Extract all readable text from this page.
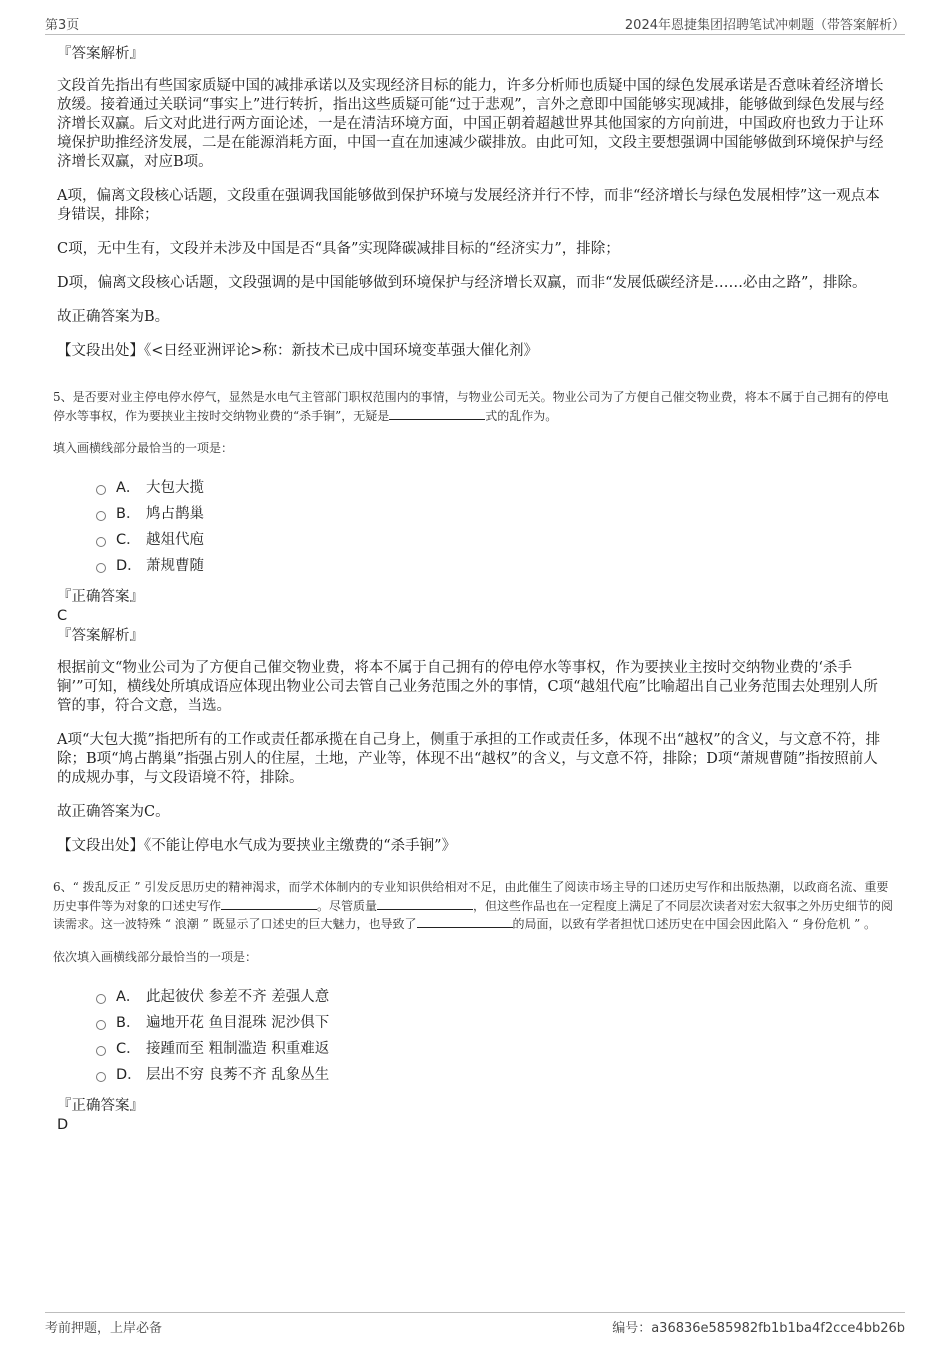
第3页	2024年恩捷集团招聘笔试冲刺题（带答案解析）

『答案解析』

文段首先指出有些国家质疑中国的减排承诺以及实现经济目标的能力，许多分析师也质疑中国的绿色发展承诺是否意味着经济增长放缓。接着通过关联词“事实上”进行转折，指出这些质疑可能“过于悲观”，言外之意即中国能够实现减排，能够做到绿色发展与经济增长双赢。后文对此进行两方面论述，一是在清洁环境方面，中国正朝着超越世界其他国家的方向前进，中国政府也致力于让环境保护助推经济发展，二是在能源消耗方面，中国一直在加速减少碳排放。由此可知，文段主要想强调中国能够做到环境保护与经济增长双赢，对应B项。

A项，偏离文段核心话题，文段重在强调我国能够做到保护环境与发展经济并行不悖，而非“经济增长与绿色发展相悖”这一观点本身错误，排除；

C项，无中生有，文段并未涉及中国是否“具备”实现降碳减排目标的“经济实力”，排除；

D项，偏离文段核心话题，文段强调的是中国能够做到环境保护与经济增长双赢，而非“发展低碳经济是……必由之路”，排除。

故正确答案为B。

【文段出处】《<日经亚洲评论>称：新技术已成中国环境变革强大催化剂》

5、是否要对业主停电停水停气，显然是水电气主管部门职权范围内的事情，与物业公司无关。物业公司为了方便自己催交物业费，将本不属于自己拥有的停电停水等事权，作为要挟业主按时交纳物业费的“杀手锏”，无疑是	式的乱作为。
填入画横线部分最恰当的一项是：
A． 大包大揽
B． 鸠占鹊巢
C． 越俎代庖
D． 萧规曹随

『正确答案』

C

『答案解析』

根据前文“物业公司为了方便自己催交物业费，将本不属于自己拥有的停电停水等事权，作为要挟业主按时交纳物业费的‘杀手锏’”可知，横线处所填成语应体现出物业公司去管自己业务范围之外的事情，C项“越俎代庖”比喻超出自己业务范围去处理别人所管的事，符合文意，当选。

A项“大包大揽”指把所有的工作或责任都承揽在自己身上，侧重于承担的工作或责任多，体现不出“越权”的含义，与文意不符，排除；B项“鸠占鹊巢”指强占别人的住屋，土地，产业等，体现不出“越权”的含义，与文意不符，排除；D项“萧规曹随”指按照前人的成规办事，与文段语境不符，排除。

故正确答案为C。

【文段出处】《不能让停电水气成为要挟业主缴费的“杀手锏”》

6、“ 拨乱反正 ” 引发反思历史的精神渴求，而学术体制内的专业知识供给相对不足，由此催生了阅读市场主导的口述历史写作和出版热潮，以政商名流、重要历史事件等为对象的口述史写作	。尽管质量	，但这些作品也在一定程度上满足了不同层次读者对宏大叙事之外历史细节的阅读需求。这一波特殊 “ 浪潮 ” 既显示了口述史的巨大魅力，也导致了	的局面，以致有学者担忧口述历史在中国会因此陷入 “ 身份危机 ” 。
依次填入画横线部分最恰当的一项是：
A． 此起彼伏 参差不齐 差强人意
B． 遍地开花 鱼目混珠 泥沙俱下
C． 接踵而至 粗制滥造 积重难返
D． 层出不穷 良莠不齐 乱象丛生

『正确答案』

D

考前押题，上岸必备	编号：a36836e585982fb1b1ba4f2cce4bb26b
